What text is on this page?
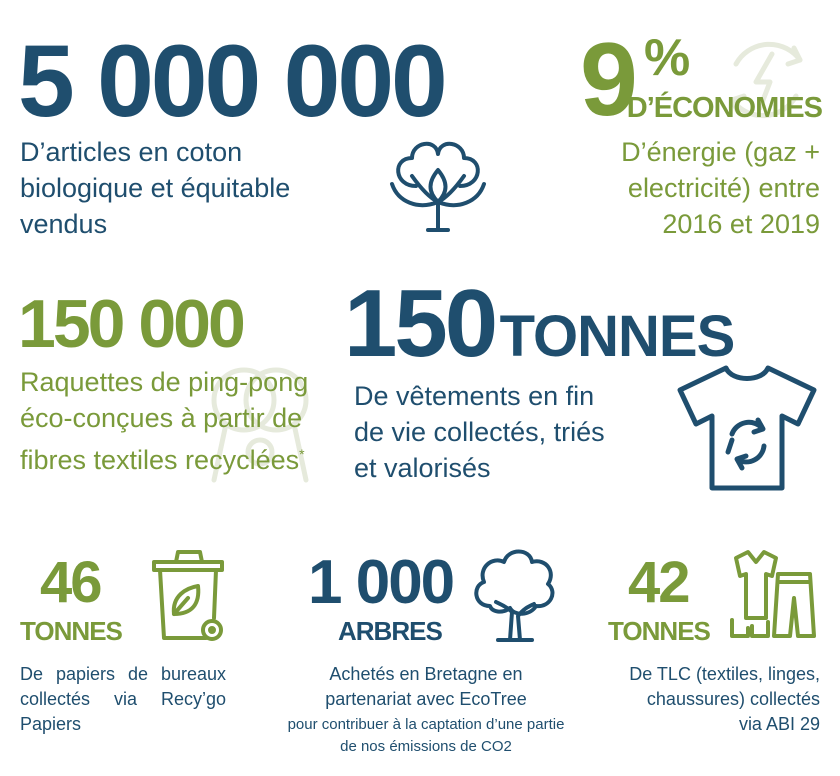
5 000 000
D’articles en coton
biologique et équitable
vendus
9 %
D’ÉCONOMIES
D’énergie (gaz +
electricité) entre
2016 et 2019
150 000
Raquettes de ping-pong
éco-conçues à partir de
fibres textiles recyclées*
150 TONNES
De vêtements en fin
de vie collectés, triés
et valorisés
46
TONNES
De papiers de bureaux
collectés via Recy’go
Papiers
1 000
ARBRES
Achetés en Bretagne en
partenariat avec EcoTree
pour contribuer à la captation d’une partie
de nos émissions de CO2
42
TONNES
De TLC (textiles, linges,
chaussures) collectés
via ABI 29
